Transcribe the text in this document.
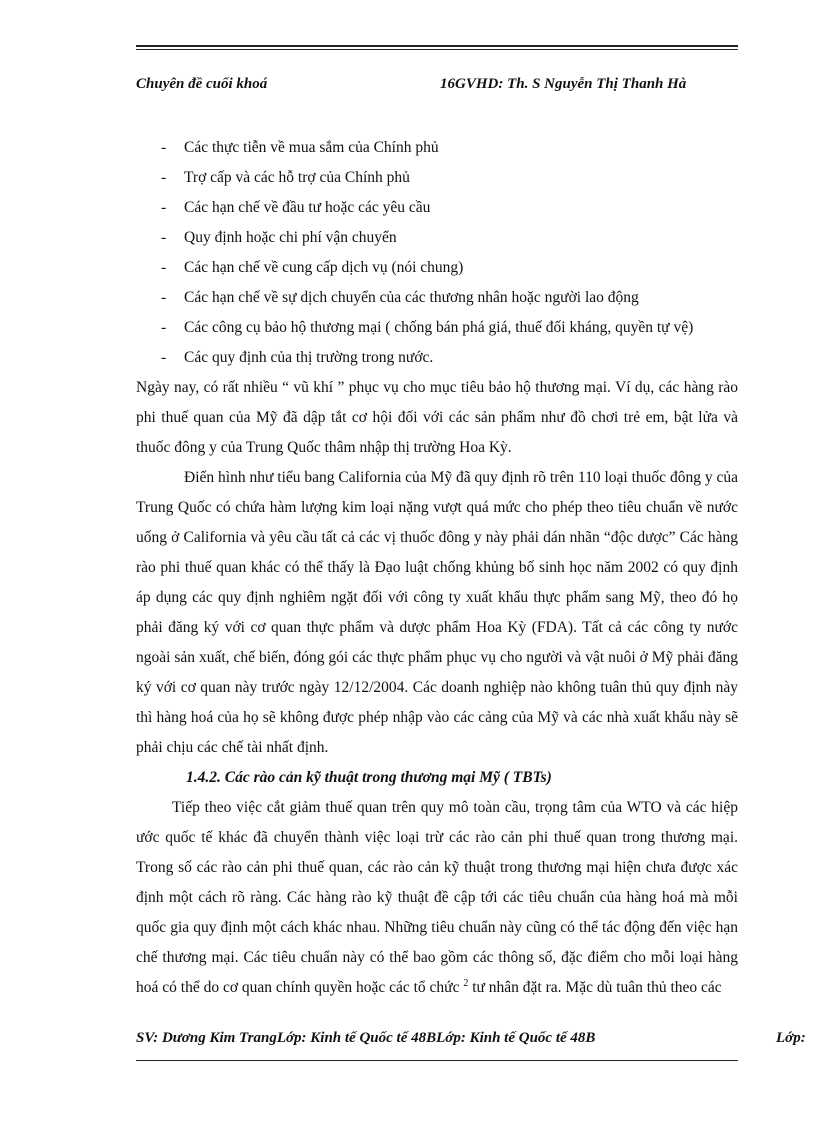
Chuyên đề cuối khoá	16GVHD: Th. S Nguyễn Thị Thanh Hà
- Các thực tiễn về mua sắm của Chính phủ
- Trợ cấp và các hỗ trợ của Chính phủ
- Các hạn chế về đầu tư hoặc các yêu cầu
- Quy định hoặc chi phí vận chuyển
- Các hạn chế về cung cấp dịch vụ (nói chung)
- Các hạn chế về sự dịch chuyển của các thương nhân hoặc người lao động
- Các công cụ bảo hộ thương mại ( chống bán phá giá, thuế đối kháng, quyền tự vệ)
- Các quy định của thị trường trong nước.

Ngày nay, có rất nhiều “ vũ khí ” phục vụ cho mục tiêu bảo hộ thương mại. Ví dụ, các hàng rào phi thuế quan của Mỹ đã dập tắt cơ hội đối với các sản phẩm như đồ chơi trẻ em, bật lửa và thuốc đông y của Trung Quốc thâm nhập thị trường Hoa Kỳ.

Điển hình như tiểu bang California của Mỹ đã quy định rõ trên 110 loại thuốc đông y của Trung Quốc có chứa hàm lượng kim loại nặng vượt quá mức cho phép theo tiêu chuẩn về nước uống ở California và yêu cầu tất cả các vị thuốc đông y này phải dán nhãn “độc dược” Các hàng rào phi thuế quan khác có thể thấy là Đạo luật chống khủng bố sinh học năm 2002 có quy định áp dụng các quy định nghiêm ngặt đối với công ty xuất khẩu thực phẩm sang Mỹ, theo đó họ phải đăng ký với cơ quan thực phẩm và dược phẩm Hoa Kỳ (FDA). Tất cả các công ty nước ngoài sản xuất, chế biến, đóng gói các thực phẩm phục vụ cho người và vật nuôi ở Mỹ phải đăng ký với cơ quan này trước ngày 12/12/2004. Các doanh nghiệp nào không tuân thủ quy định này thì hàng hoá của họ sẽ không được phép nhập vào các cảng của Mỹ và các nhà xuất khẩu này sẽ phải chịu các chế tài nhất định.

1.4.2. Các rào cản kỹ thuật trong thương mại Mỹ ( TBTs)

Tiếp theo việc cắt giảm thuế quan trên quy mô toàn cầu, trọng tâm của WTO và các hiệp ước quốc tế khác đã chuyển thành việc loại trừ các rào cản phi thuế quan trong thương mại. Trong số các rào cản phi thuế quan, các rào cản kỹ thuật trong thương mại hiện chưa được xác định một cách rõ ràng. Các hàng rào kỹ thuật đề cập tới các tiêu chuẩn của hàng hoá mà mỗi quốc gia quy định một cách khác nhau. Những tiêu chuẩn này cũng có thể tác động đến việc hạn chế thương mại. Các tiêu chuẩn này có thể bao gồm các thông số, đặc điểm cho mỗi loại hàng hoá có thể do cơ quan chính quyền hoặc các tổ chức $^2$ tư nhân đặt ra. Mặc dù tuân thủ theo các

SV: Dương Kim TrangLớp: Kinh tế Quốc tế 48BLớp: Kinh tế Quốc tế 48B	Lớp:
